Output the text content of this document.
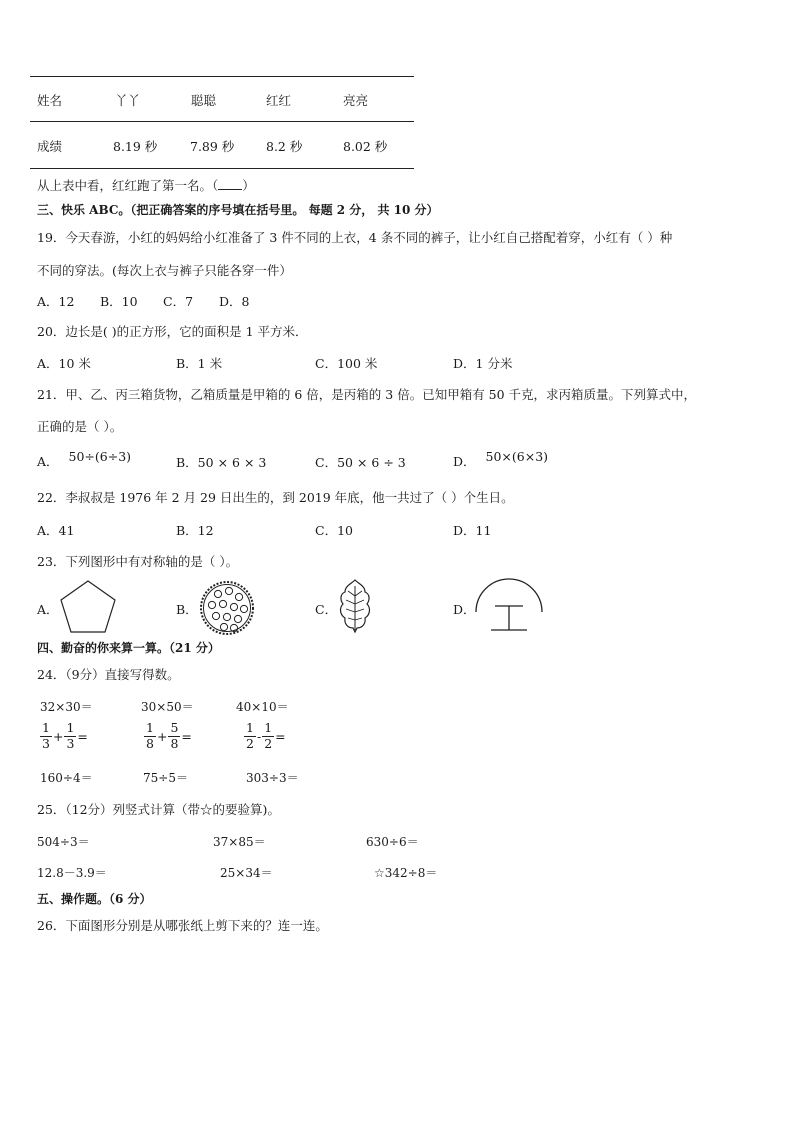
姓名	丫丫	聪聪	红红	亮亮
成绩	8.19 秒	7.89 秒	8.2 秒	8.02 秒
从上表中看，红红跑了第一名。（ ）
三、快乐 ABC。（把正确答案的序号填在括号里。 每题 2 分， 共 10 分）
19．今天春游，小红的妈妈给小红准备了 3 件不同的上衣，4 条不同的裤子，让小红自己搭配着穿，小红有（ ）种
不同的穿法。(每次上衣与裤子只能各穿一件）
A．12 B．10 C．7 D．8
20．边长是( )的正方形，它的面积是 1 平方米．
A．10 米	B．1 米	C．100 米	D．1 分米
21．甲、乙、丙三箱货物，乙箱质量是甲箱的 6 倍，是丙箱的 3 倍。已知甲箱有 50 千克，求丙箱质量。下列算式中，
正确的是（ ）。
A． 50÷(6÷3)	B．50 × 6 × 3	C．50 × 6 ÷ 3	D． 50×(6×3)
22．李叔叔是 1976 年 2 月 29 日出生的，到 2019 年底，他一共过了（ ）个生日。
A．41	B．12	C．10	D．11
23．下列图形中有对称轴的是（ ）。
A．	B．	C．	D．
四、勤奋的你来算一算。（21 分）
24．（9分）直接写得数。
32×30＝	30×50＝	40×10＝
$\frac{1}{3} + \frac{1}{3}$ =	$\frac{1}{8} + \frac{5}{8}$ =	$\frac{1}{2} - \frac{1}{2}$ =
160÷4＝	75÷5＝	303÷3＝
25．（12分）列竖式计算（带☆的要验算)。
504÷3＝	37×85＝	630÷6＝
12.8－3.9＝	25×34＝	☆342÷8＝
五、操作题。（6 分）
26．下面图形分别是从哪张纸上剪下来的？连一连。
